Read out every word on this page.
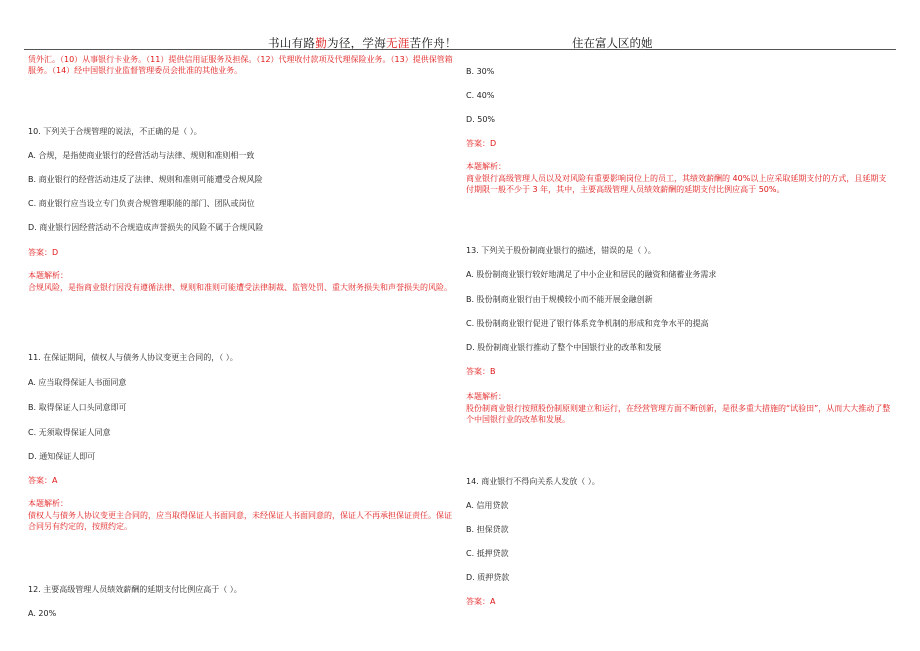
书山有路勤为径，学海无涯苦作舟！	住在富人区的她
赁外汇。（10）从事银行卡业务。（11）提供信用证服务及担保。（12）代理收付款项及代理保险业务。（13）提供保管箱服务。（14）经中国银行业监督管理委员会批准的其他业务。
10. 下列关于合规管理的说法，不正确的是（ ）。
A. 合规，是指使商业银行的经营活动与法律、规则和准则相一致
B. 商业银行的经营活动违反了法律、规则和准则可能遭受合规风险
C. 商业银行应当设立专门负责合规管理职能的部门、团队或岗位
D. 商业银行因经营活动不合规造成声誉损失的风险不属于合规风险
答案：D
本题解析：
合规风险，是指商业银行因没有遵循法律、规则和准则可能遭受法律制裁、监管处罚、重大财务损失和声誉损失的风险。
11. 在保证期间，债权人与债务人协议变更主合同的，（ ）。
A. 应当取得保证人书面同意
B. 取得保证人口头同意即可
C. 无须取得保证人同意
D. 通知保证人即可
答案：A
本题解析：
债权人与债务人协议变更主合同的，应当取得保证人书面同意，未经保证人书面同意的，保证人不再承担保证责任。保证合同另有约定的，按照约定。
12. 主要高级管理人员绩效薪酬的延期支付比例应高于（ ）。
A. 20%
B. 30%
C. 40%
D. 50%
答案：D
本题解析：
商业银行高级管理人员以及对风险有重要影响岗位上的员工，其绩效薪酬的 40%以上应采取延期支付的方式，且延期支付期限一般不少于 3 年，其中，主要高级管理人员绩效薪酬的延期支付比例应高于 50%。
13. 下列关于股份制商业银行的描述，错误的是（ ）。
A. 股份制商业银行较好地满足了中小企业和居民的融资和储蓄业务需求
B. 股份制商业银行由于规模较小而不能开展金融创新
C. 股份制商业银行促进了银行体系竞争机制的形成和竞争水平的提高
D. 股份制商业银行推动了整个中国银行业的改革和发展
答案：B
本题解析：
股份制商业银行按照股份制原则建立和运行，在经营管理方面不断创新，是很多重大措施的“试验田”，从而大大推动了整个中国银行业的改革和发展。
14. 商业银行不得向关系人发放（ ）。
A. 信用贷款
B. 担保贷款
C. 抵押贷款
D. 质押贷款
答案：A
